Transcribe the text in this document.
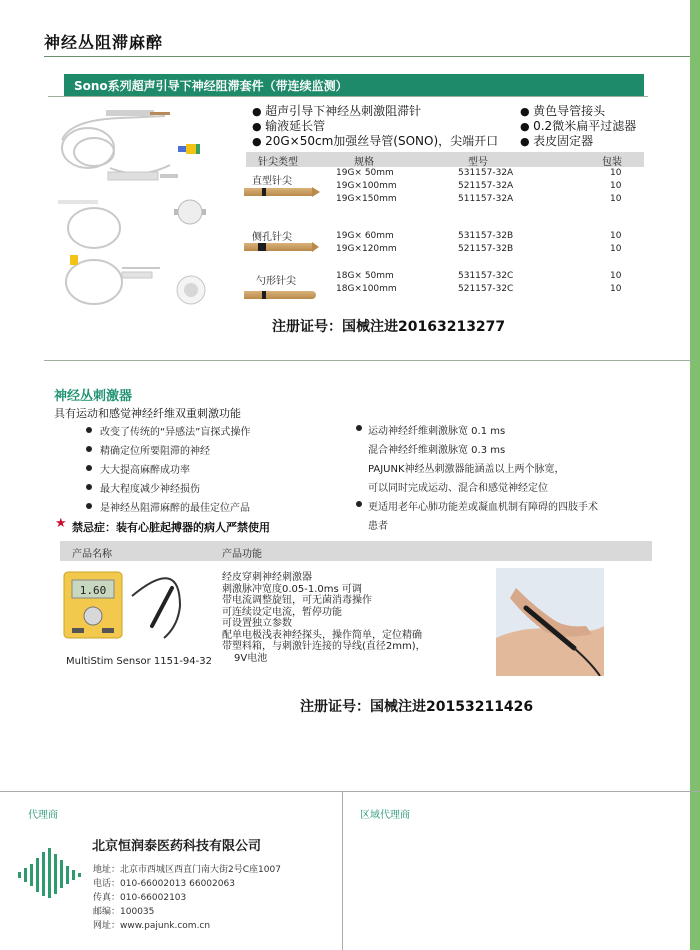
神经丛阻滞麻醉
Sono系列超声引导下神经阻滞套件（带连续监测）
● 超声引导下神经丛刺激阻滞针
● 输液延长管
● 20G×50cm加强丝导管(SONO)，尖端开口
● 黄色导管接头
● 0.2微米扁平过滤器
● 表皮固定器
针尖类型	规格	型号	包装
直型针尖
19G× 50mm	531157-32A	10
19G×100mm	521157-32A	10
19G×150mm	511157-32A	10
侧孔针尖	19G× 60mm	531157-32B	10
19G×120mm	521157-32B	10
勺形针尖	18G× 50mm	531157-32C	10
18G×100mm	521157-32C	10
注册证号：国械注进20163213277
神经丛刺激器
具有运动和感觉神经纤维双重刺激功能
改变了传统的“异感法”盲探式操作
精确定位所要阻滞的神经
大大提高麻醉成功率
最大程度减少神经损伤
是神经丛阻滞麻醉的最佳定位产品
运动神经纤维刺激脉宽 0.1 ms
混合神经纤维刺激脉宽 0.3 ms
PAJUNK神经丛刺激器能涵盖以上两个脉宽，
可以同时完成运动、混合和感觉神经定位
更适用老年心肺功能差或凝血机制有障碍的四肢手术
患者
★ 禁忌症：装有心脏起搏器的病人严禁使用
产品名称	产品功能
1.60
MultiStim Sensor 1151-94-32
经皮穿刺神经刺激器
刺激脉冲宽度0.05-1.0ms 可调
带电流调整旋钮，可无菌消毒操作
可连续设定电流，暂停功能
可设置独立参数
配单电极浅表神经探头，操作简单，定位精确
带塑料箱，与刺激针连接的导线(直径2mm)，
9V电池
注册证号：国械注进20153211426
代理商	区域代理商
北京恒润泰医药科技有限公司
地址：北京市西城区西直门南大街2号C座1007
电话：010-66002013 66002063
传真：010-66002103
邮编：100035
网址：www.pajunk.com.cn
